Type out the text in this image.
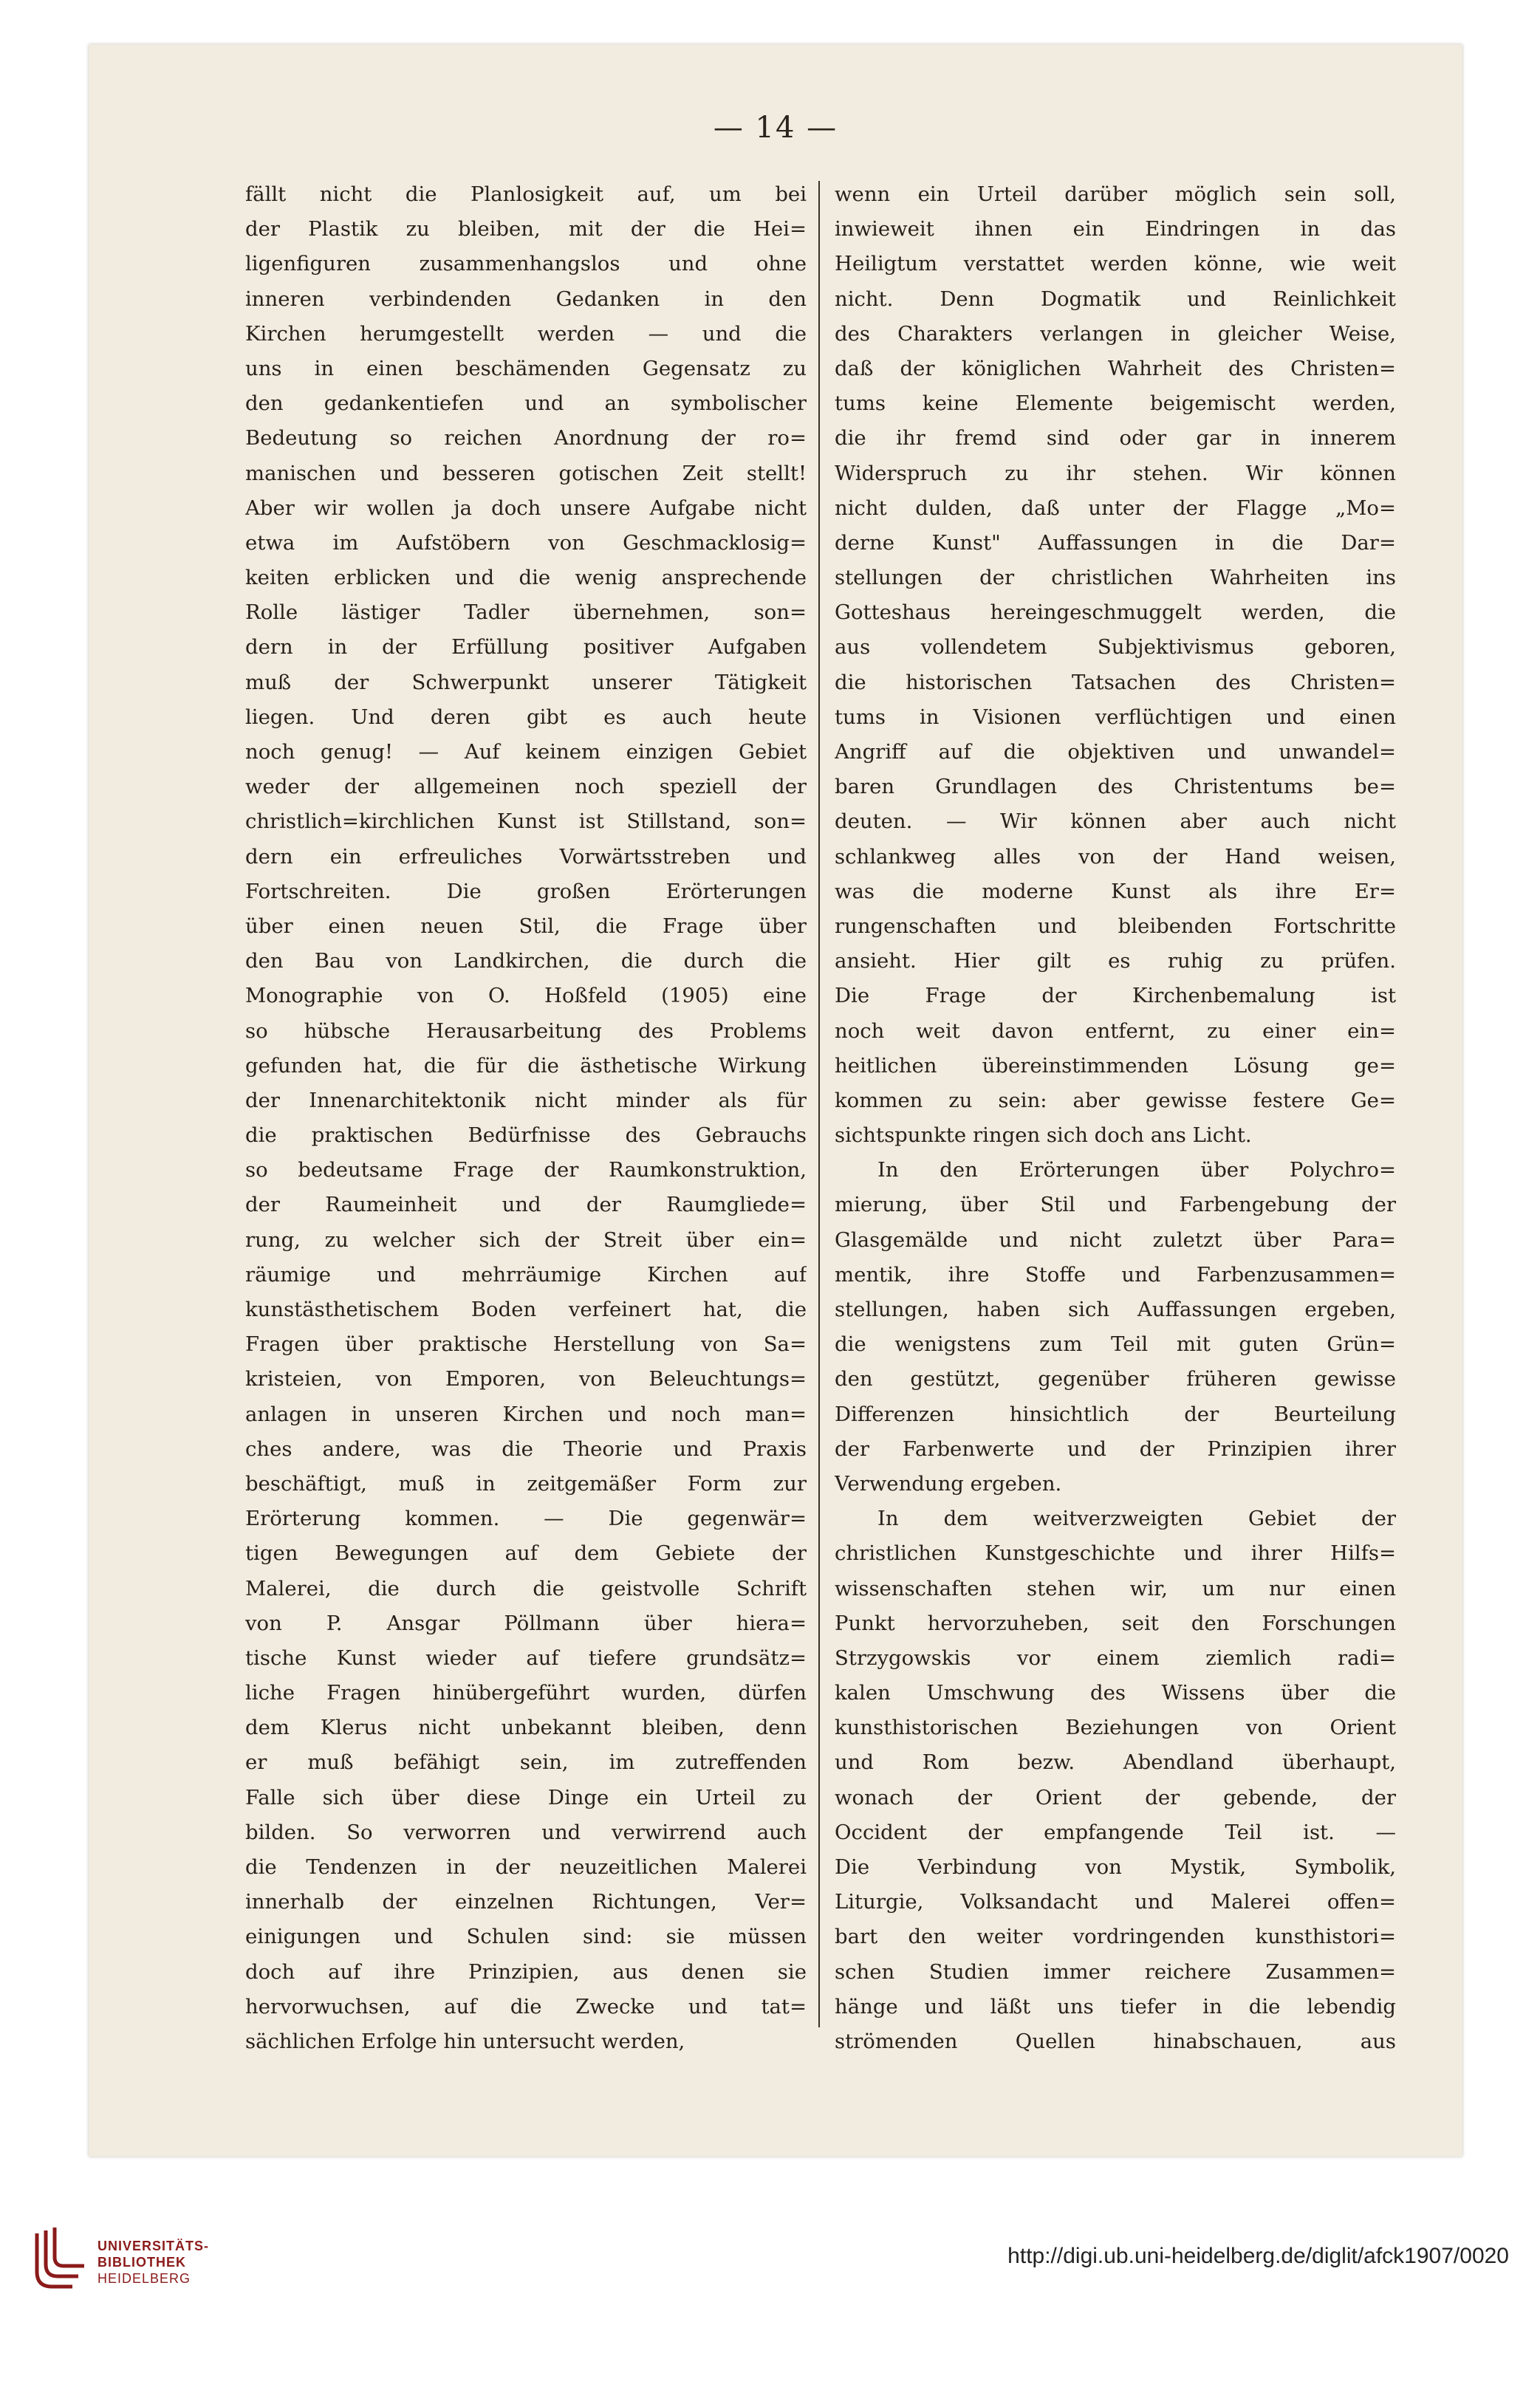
— 14 —
fällt nicht die Planlosigkeit auf, um bei
der Plastik zu bleiben, mit der die Hei=
ligenfiguren zusammenhangslos und ohne
inneren verbindenden Gedanken in den
Kirchen herumgestellt werden — und die
uns in einen beschämenden Gegensatz zu
den gedankentiefen und an symbolischer
Bedeutung so reichen Anordnung der ro=
manischen und besseren gotischen Zeit stellt!
Aber wir wollen ja doch unsere Aufgabe nicht
etwa im Aufstöbern von Geschmacklosig=
keiten erblicken und die wenig ansprechende
Rolle lästiger Tadler übernehmen, son=
dern in der Erfüllung positiver Aufgaben
muß der Schwerpunkt unserer Tätigkeit
liegen. Und deren gibt es auch heute
noch genug! — Auf keinem einzigen Gebiet
weder der allgemeinen noch speziell der
christlich=kirchlichen Kunst ist Stillstand, son=
dern ein erfreuliches Vorwärtsstreben und
Fortschreiten. Die großen Erörterungen
über einen neuen Stil, die Frage über
den Bau von Landkirchen, die durch die
Monographie von O. Hoßfeld (1905) eine
so hübsche Herausarbeitung des Problems
gefunden hat, die für die ästhetische Wirkung
der Innenarchitektonik nicht minder als für
die praktischen Bedürfnisse des Gebrauchs
so bedeutsame Frage der Raumkonstruktion,
der Raumeinheit und der Raumgliede=
rung, zu welcher sich der Streit über ein=
räumige und mehrräumige Kirchen auf
kunstästhetischem Boden verfeinert hat, die
Fragen über praktische Herstellung von Sa=
kristeien, von Emporen, von Beleuchtungs=
anlagen in unseren Kirchen und noch man=
ches andere, was die Theorie und Praxis
beschäftigt, muß in zeitgemäßer Form zur
Erörterung kommen. — Die gegenwär=
tigen Bewegungen auf dem Gebiete der
Malerei, die durch die geistvolle Schrift
von P. Ansgar Pöllmann über hiera=
tische Kunst wieder auf tiefere grundsätz=
liche Fragen hinübergeführt wurden, dürfen
dem Klerus nicht unbekannt bleiben, denn
er muß befähigt sein, im zutreffenden
Falle sich über diese Dinge ein Urteil zu
bilden. So verworren und verwirrend auch
die Tendenzen in der neuzeitlichen Malerei
innerhalb der einzelnen Richtungen, Ver=
einigungen und Schulen sind: sie müssen
doch auf ihre Prinzipien, aus denen sie
hervorwuchsen, auf die Zwecke und tat=
sächlichen Erfolge hin untersucht werden,
wenn ein Urteil darüber möglich sein soll,
inwieweit ihnen ein Eindringen in das
Heiligtum verstattet werden könne, wie weit
nicht. Denn Dogmatik und Reinlichkeit
des Charakters verlangen in gleicher Weise,
daß der königlichen Wahrheit des Christen=
tums keine Elemente beigemischt werden,
die ihr fremd sind oder gar in innerem
Widerspruch zu ihr stehen. Wir können
nicht dulden, daß unter der Flagge „Mo=
derne Kunst" Auffassungen in die Dar=
stellungen der christlichen Wahrheiten ins
Gotteshaus hereingeschmuggelt werden, die
aus vollendetem Subjektivismus geboren,
die historischen Tatsachen des Christen=
tums in Visionen verflüchtigen und einen
Angriff auf die objektiven und unwandel=
baren Grundlagen des Christentums be=
deuten. — Wir können aber auch nicht
schlankweg alles von der Hand weisen,
was die moderne Kunst als ihre Er=
rungenschaften und bleibenden Fortschritte
ansieht. Hier gilt es ruhig zu prüfen.
Die Frage der Kirchenbemalung ist
noch weit davon entfernt, zu einer ein=
heitlichen übereinstimmenden Lösung ge=
kommen zu sein: aber gewisse festere Ge=
sichtspunkte ringen sich doch ans Licht.
In den Erörterungen über Polychro=
mierung, über Stil und Farbengebung der
Glasgemälde und nicht zuletzt über Para=
mentik, ihre Stoffe und Farbenzusammen=
stellungen, haben sich Auffassungen ergeben,
die wenigstens zum Teil mit guten Grün=
den gestützt, gegenüber früheren gewisse
Differenzen hinsichtlich der Beurteilung
der Farbenwerte und der Prinzipien ihrer
Verwendung ergeben.
In dem weitverzweigten Gebiet der
christlichen Kunstgeschichte und ihrer Hilfs=
wissenschaften stehen wir, um nur einen
Punkt hervorzuheben, seit den Forschungen
Strzygowskis vor einem ziemlich radi=
kalen Umschwung des Wissens über die
kunsthistorischen Beziehungen von Orient
und Rom bezw. Abendland überhaupt,
wonach der Orient der gebende, der
Occident der empfangende Teil ist. —
Die Verbindung von Mystik, Symbolik,
Liturgie, Volksandacht und Malerei offen=
bart den weiter vordringenden kunsthistori=
schen Studien immer reichere Zusammen=
hänge und läßt uns tiefer in die lebendig
strömenden Quellen hinabschauen, aus
UNIVERSITÄTS-
BIBLIOTHEK
HEIDELBERG
http://digi.ub.uni-heidelberg.de/diglit/afck1907/0020
